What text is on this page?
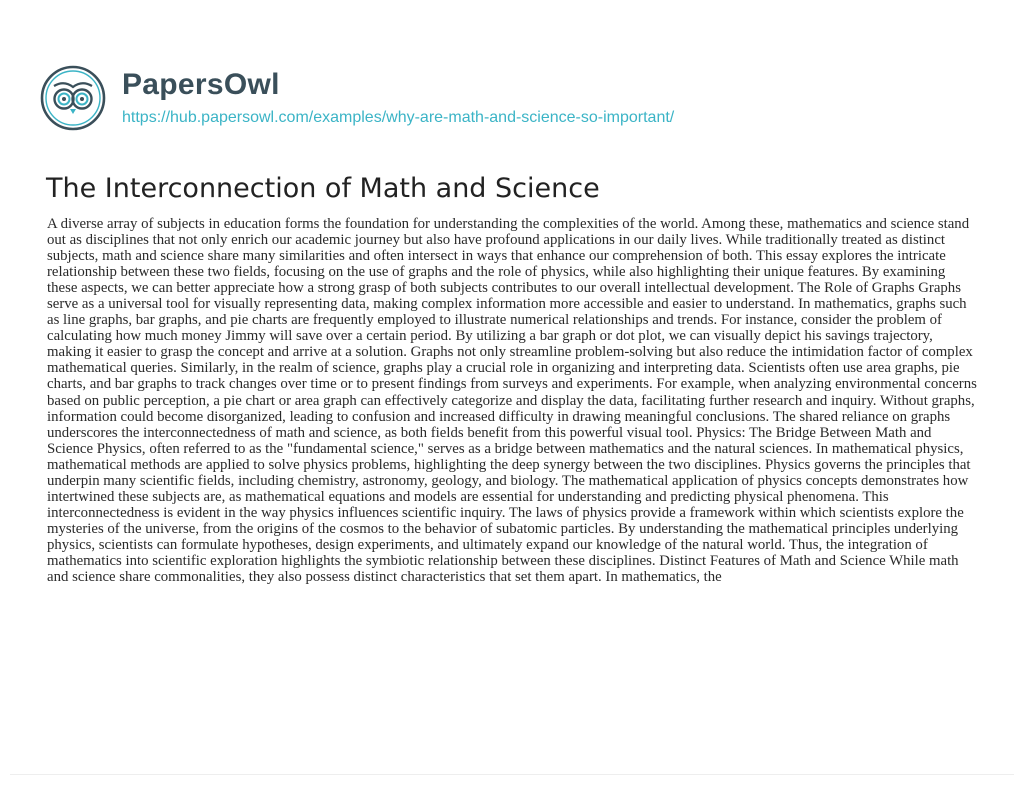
PapersOwl
https://hub.papersowl.com/examples/why-are-math-and-science-so-important/
The Interconnection of Math and Science

A diverse array of subjects in education forms the foundation for understanding the complexities of the world. Among these, mathematics and science stand out as disciplines that not only enrich our academic journey but also have profound applications in our daily lives. While traditionally treated as distinct subjects, math and science share many similarities and often intersect in ways that enhance our comprehension of both. This essay explores the intricate relationship between these two fields, focusing on the use of graphs and the role of physics, while also highlighting their unique features. By examining these aspects, we can better appreciate how a strong grasp of both subjects contributes to our overall intellectual development. The Role of Graphs Graphs serve as a universal tool for visually representing data, making complex information more accessible and easier to understand. In mathematics, graphs such as line graphs, bar graphs, and pie charts are frequently employed to illustrate numerical relationships and trends. For instance, consider the problem of calculating how much money Jimmy will save over a certain period. By utilizing a bar graph or dot plot, we can visually depict his savings trajectory, making it easier to grasp the concept and arrive at a solution. Graphs not only streamline problem-solving but also reduce the intimidation factor of complex mathematical queries. Similarly, in the realm of science, graphs play a crucial role in organizing and interpreting data. Scientists often use area graphs, pie charts, and bar graphs to track changes over time or to present findings from surveys and experiments. For example, when analyzing environmental concerns based on public perception, a pie chart or area graph can effectively categorize and display the data, facilitating further research and inquiry. Without graphs, information could become disorganized, leading to confusion and increased difficulty in drawing meaningful conclusions. The shared reliance on graphs underscores the interconnectedness of math and science, as both fields benefit from this powerful visual tool. Physics: The Bridge Between Math and Science Physics, often referred to as the "fundamental science," serves as a bridge between mathematics and the natural sciences. In mathematical physics, mathematical methods are applied to solve physics problems, highlighting the deep synergy between the two disciplines. Physics governs the principles that underpin many scientific fields, including chemistry, astronomy, geology, and biology. The mathematical application of physics concepts demonstrates how intertwined these subjects are, as mathematical equations and models are essential for understanding and predicting physical phenomena. This interconnectedness is evident in the way physics influences scientific inquiry. The laws of physics provide a framework within which scientists explore the mysteries of the universe, from the origins of the cosmos to the behavior of subatomic particles. By understanding the mathematical principles underlying physics, scientists can formulate hypotheses, design experiments, and ultimately expand our knowledge of the natural world. Thus, the integration of mathematics into scientific exploration highlights the symbiotic relationship between these disciplines. Distinct Features of Math and Science While math and science share commonalities, they also possess distinct characteristics that set them apart. In mathematics, the
